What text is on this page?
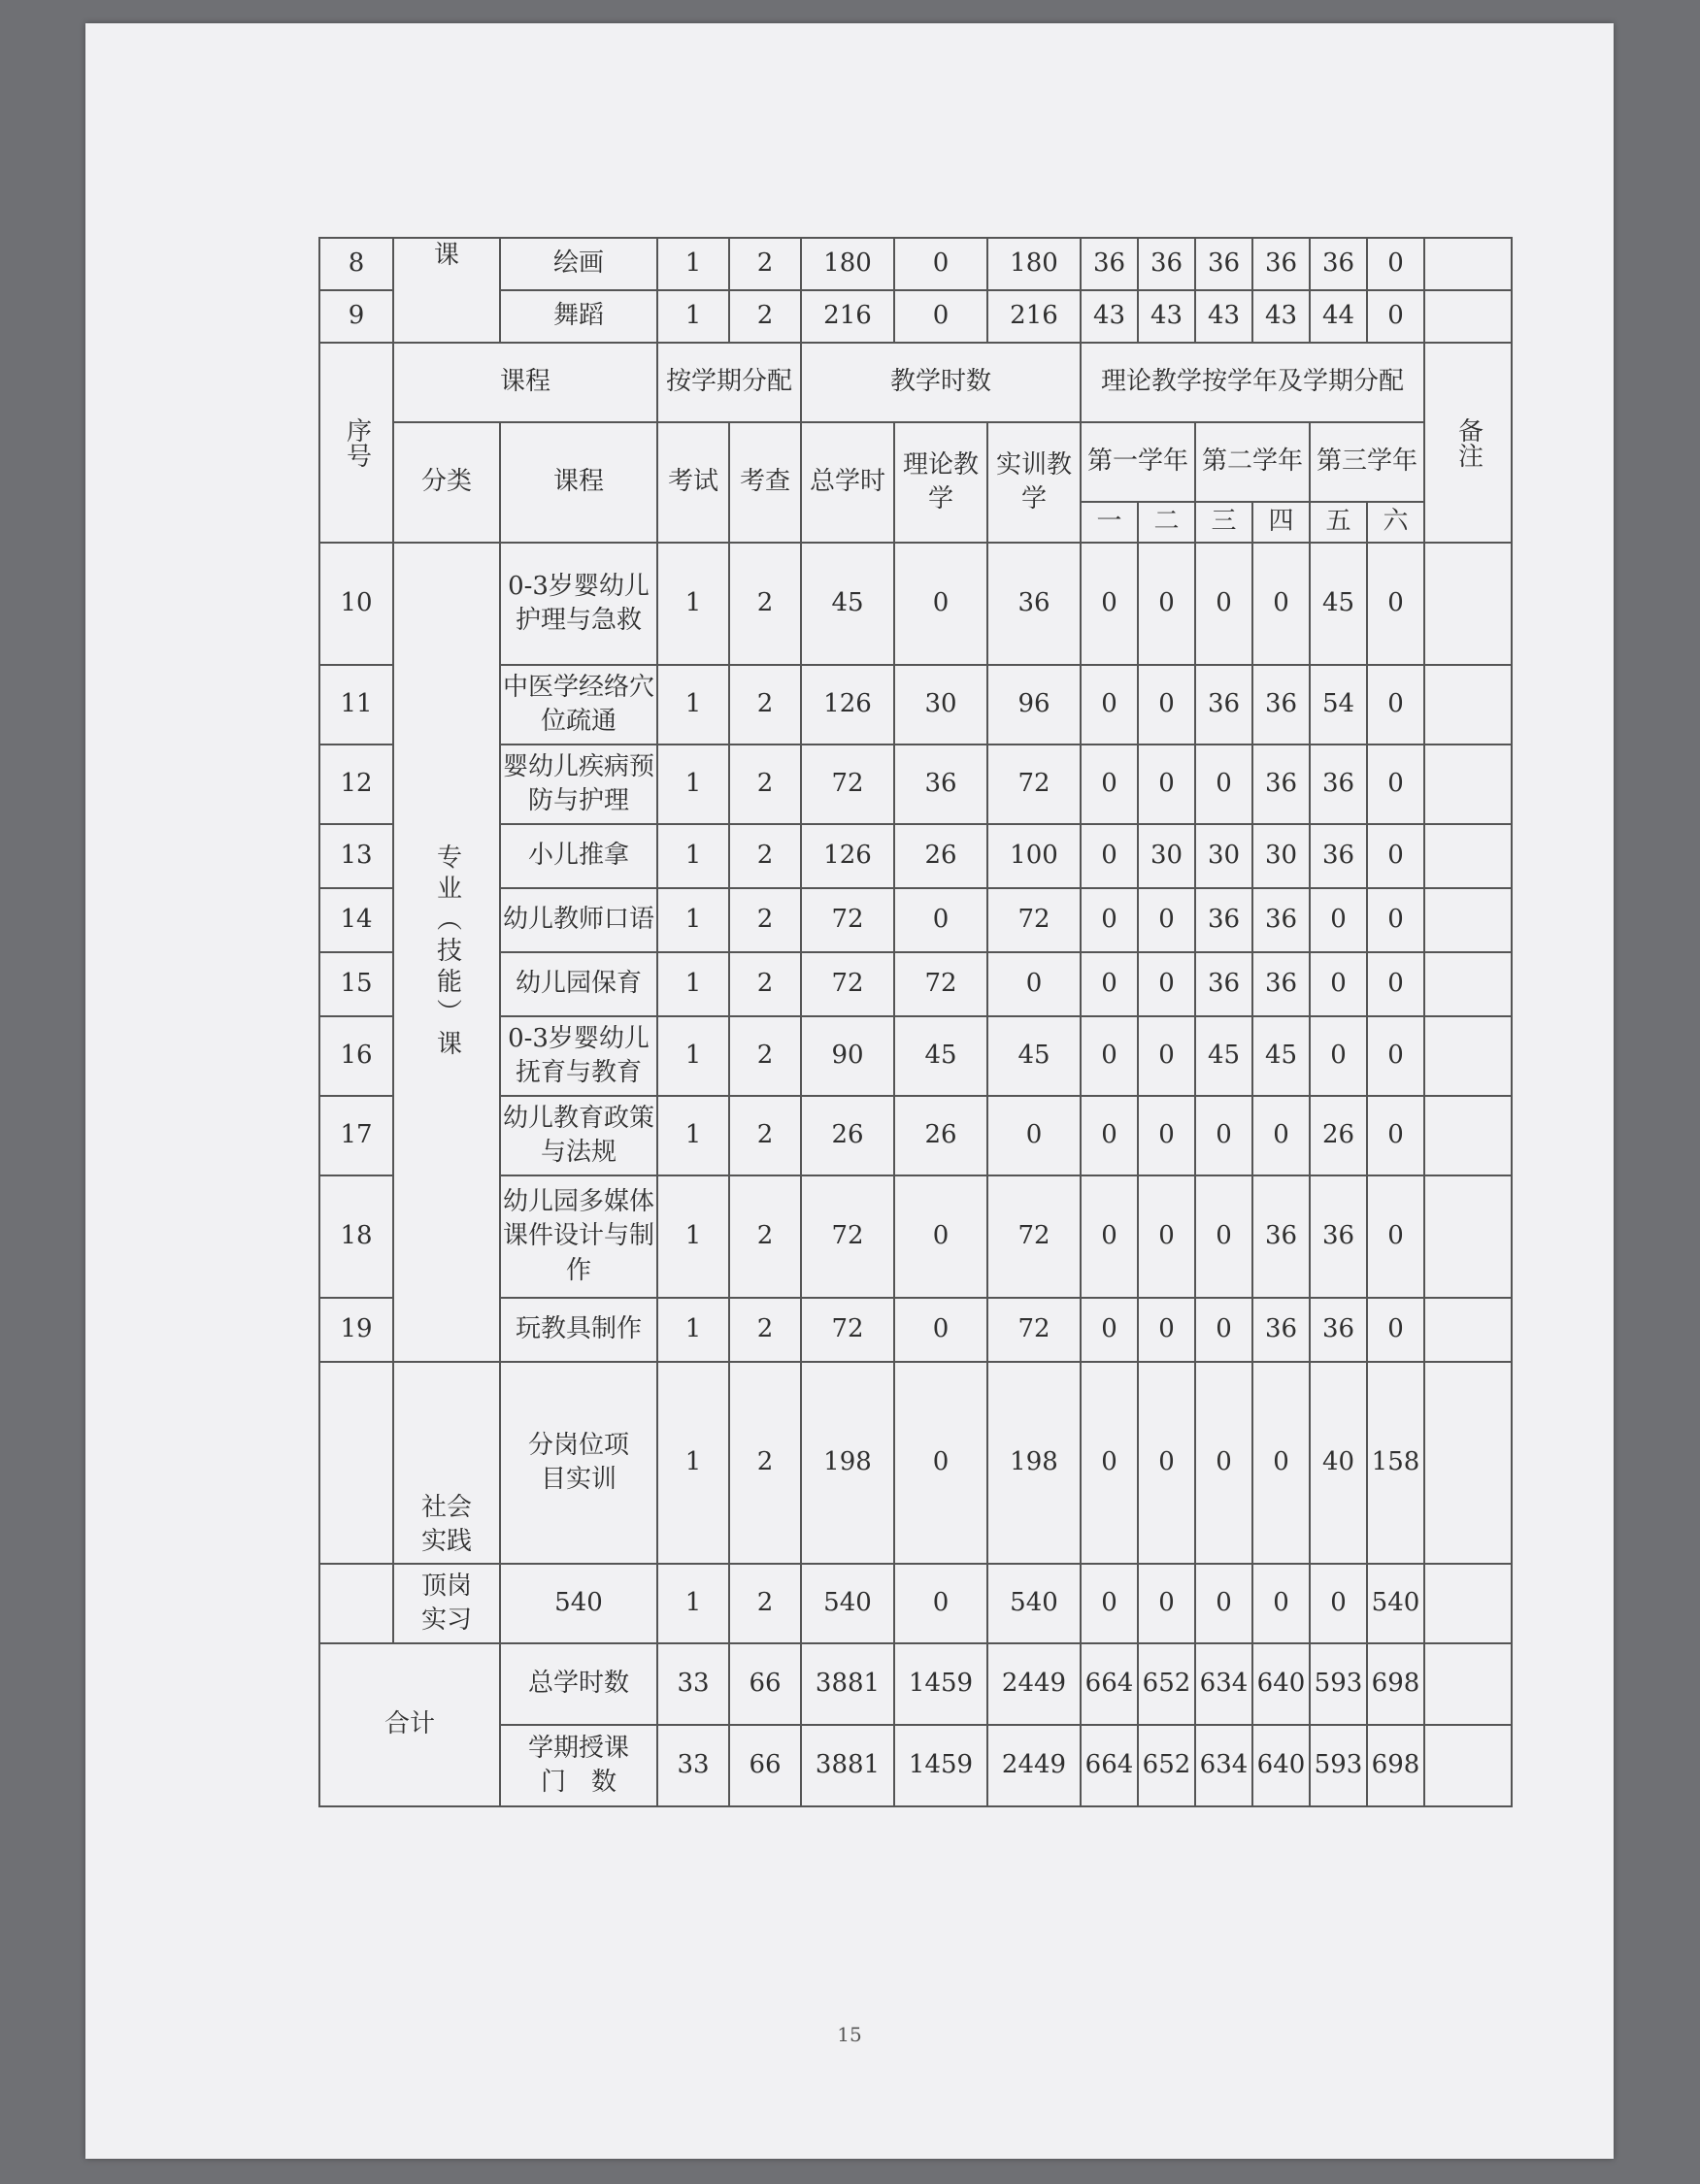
8	课	绘画	1	2	180	0	180	36	36	36	36	36	0	
9		舞蹈	1	2	216	0	216	43	43	43	43	44	0	
序号	课程		按学期分配		教学时数			理论教学按学年及学期分配						备注
	分类	课程	考试	考查	总学时	理论教学	实训教学	第一学年		第二学年		第三学年		
								一	二	三	四	五	六	
10	专业（技能）课	0-3岁婴幼儿护理与急救	1	2	45	0	36	0	0	0	0	45	0	
11		中医学经络穴位疏通	1	2	126	30	96	0	0	36	36	54	0	
12		婴幼儿疾病预防与护理	1	2	72	36	72	0	0	0	36	36	0	
13		小儿推拿	1	2	126	26	100	0	30	30	30	36	0	
14		幼儿教师口语	1	2	72	0	72	0	0	36	36	0	0	
15		幼儿园保育	1	2	72	72	0	0	0	36	36	0	0	
16		0-3岁婴幼儿抚育与教育	1	2	90	45	45	0	0	45	45	0	0	
17		幼儿教育政策与法规	1	2	26	26	0	0	0	0	0	26	0	
18		幼儿园多媒体课件设计与制作	1	2	72	0	72	0	0	0	36	36	0	
19		玩教具制作	1	2	72	0	72	0	0	0	36	36	0	
	社会实践	分岗位项目实训	1	2	198	0	198	0	0	0	0	40	158	
	顶岗实习	540	1	2	540	0	540	0	0	0	0	0	540	
合计		总学时数	33	66	3881	1459	2449	664	652	634	640	593	698	
		学期授课门　数	33	66	3881	1459	2449	664	652	634	640	593	698	
15
